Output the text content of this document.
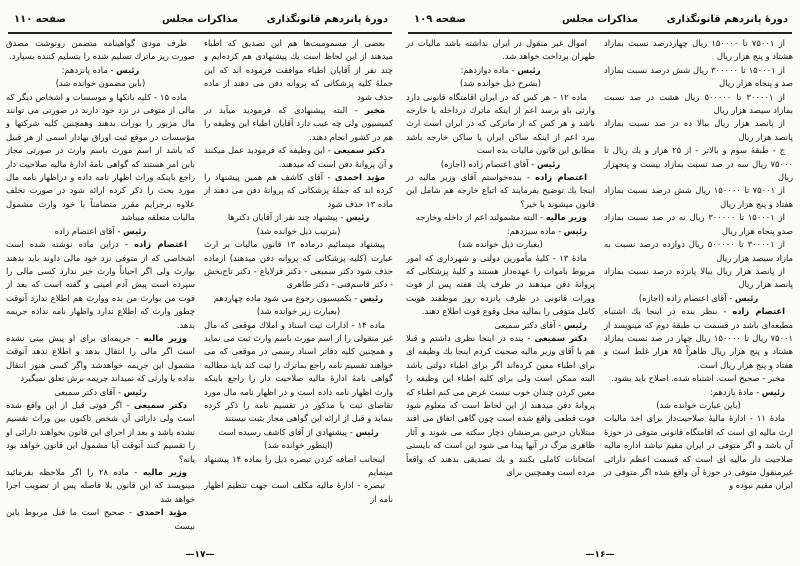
دورهٔ پانزدهم قانونگذاری
مذاکرات مجلس
صفحه ۱۱۰

بعضی از مسمومیت‌ها هم این تصدیق که اطباء میدهند از این لحاظ است یك پیشنهادی هم کرده‌ایم و چند نفر از آقایان اطباء موافقت فرموده اند که این جملهٔ کلیه پزشکانی که پروانه دفن می دهند از ماده حذف شود

مخبر - البته پیشنهادی که فرمودید میآید در کمیسیون ولی چه عیب دارد آقایان اطباء این وظیفه را هم در کشور انجام دهند.

دکتر سمیعی - این وظیفه که فرمودید عمل میکنند و آن پروانهٔ دفن است که میدهند.

مؤید احمدی - آقای کاشف هم همین پیشنهاد را کرده اند که جملهٔ پزشکانی که پروانهٔ دفن می دهند از ماده ۱۳ حذف شود

رئیس - پیشنهاد چند نفر از آقایان دکترها

(بترتیب ذیل خوانده شد)

پیشنهاد مینمائیم درماده ۱۳ قانون مالیات بر ارث عبارت (کلیه پزشکانی که پروانه دفن میدهند) ازماده حذف شود دکتر سمیعی - دکتر قزلایاغ - دکتر تاج‌بخش - دکتر قاسم‌فنی - دکتر طاهری

رئیس - بکمیسیون رجوع می شود ماده چهاردهم

(بعبارت زیر خوانده شد)

ماده ۱۴ - ادارات ثبت اسناد و املاك موقعی که مال غیر منقولی را از اسم مورث باسم وارث ثبت می نماید و همچنین کلیه دفاتر اسناد رسمی در موقعی که می خواهند تقسیم نامه راجع بماترك را ثبت کند باید مطالبه گواهی نامهٔ ادارهٔ مالیه صلاحیت دار را راجع باینکه وارث اظهار نامه داده است و در اظهار نامه مال مورد تقاضای ثبت یا مذکور در تقسیم نامه را ذکر کرده بنماید و قبل از ارائه این گواهی مجاز بثبت نیستند

رئیس - پیشنهادی از آقای کاشف رسیده است

(اینطور خوانده شد)

اینجانب اضافه کردن تبصره ذیل را بماده ۱۴ پیشنهاد مینمایم

تبصره - ادارهٔ مالیه مکلف است جهت تنظیم اظهار نامه از

طرف مودی گواهینامه متضمن رونوشت مصدق صورت ریز ماترك تسلیم شده را بتسلیم کننده بسپارد.

رئیس - ماده پانزدهم:

(باین مضمون خوانده شد)

ماده ۱۵ - کلیه بانکها و موسسات و اشخاص دیگر که مالی از متوفی در نزد خود دارند در صورتی می توانند مال مزبور را بوراث بدهند وهمچنین کلیه شرکتها و مؤسسات در موقع ثبت اوراق بهادار اسمی از هر قبیل که باشد از اسم مورث باسم وارث در صورتی مجاز باین امر هستند که گواهی نامهٔ ادارهٔ مالیه صلاحیت دار راجع باینکه وراث اظهار نامه داده و دراظهار نامه مال مورد بحث را ذکر کرده ارائه شود در صورت تخلف علاوه برجرایم مقرر متضامناً با خود وارث مشمول مالیات متعلقه میباشد

رئیس - آقای اعتصام زاده

اعتصام زاده - دراین ماده نوشته شده است اشخاصی که از متوفی نزد خود مالی داوند باید بدهند بوارث ولی اگر احیاناً وارث خبر ندارد کسی مالی را سپرده است پیش آدم امینی و گفته است که بعد از فوت من بوارث من بده ووارث هم اطلاع ندارد آنوقت چطور وارث که اطلاع ندارد واظهار نامه نداده جریمه بدهد.

وزیر مالیه - جریمه‌ای برای او پیش بینی نشده است اگر مالی را انتقال بدهد و اطلاع ندهد آنوقت مشمول این جریمه خواهدشد واگر کسی هنوز انتقال نداده یا وارثی که نمیداند جریمه برش تعلق نمیگیرد

رئیس - آقای دکتر سمیعی

دکتر سمیعی - اگر فوتی قبل از این واقع شده است ولی دارائی آن شخص تاکنون بین وراث تقسیم نشده باشد و بعد از اجرای این قانون بخواهند دارائی او را تقسیم کنند آنوقت آیا مشمول این قانون خواهد بود یانه؟

وزیر مالیه - ماده ۲۸ را اگر ملاحظه بفرمائید مینویسد که این قانون بلا فاصله پس از تصویب اجرا خواهد شد

مؤید احمدی - صحیح است ما قبل مربوط باین نیست

—۱۷—
دورهٔ پانزدهم قانونگذاری
مذاکرات مجلس
صفحه ۱۰۹

از ۷۵۰۰۱ تا ۱۵۰۰۰۰ ریال چهاردرصد نسبت بمازاد هشتاد و پنج هزار ریال

از ۱۵۰۰۰۱ تا ۳۰۰۰۰۰ ریال شش درصد نسبت بمازاد صد و پنجاه هزار ریال

از ۳۰۰۰۰۱ تا ۵۰۰۰۰۰ ریال هشت در صد نسبت بمازاد سیصد هزار ریال

از پانصد هزار ریال ببالا ده در صد نسبت بمازاد پانصد هزار ریال

ج - طبقهٔ سوم و بالاتر - از ۲۵ هزار و یك ریال تا ۷۵۰۰۰ ریال سه در صد نسبت بمازاد بیست و پنجهزار ریال

از ۷۵۰۰۱ تا ۱۵۰۰۰۰ ریال شش درصد نسبت بمازاد هفتاد و پنج هزار ریال

از ۱۵۰۰۰۱ تا ۳۰۰۰۰۰ ریال نه در صد نسبت بمازاد صدو پنجاه هزار ریال

از ۳۰۰۰۰۱ تا ۵۰۰۰۰۰ ریال دوازده درصد نسبت به مازاد سیصد هزار ریال

از پانصد هزار ریال ببالا پانزده درصد نسبت بمازاد پانصد هزار ریال

رئیس - آقای اعتصام زاده (اجازه)

اعتصام زاده - بنظر بنده در اینجا یك اشتباه مطبعه‌ای باشد در قسمت ب طبقهٔ دوم که مینویسد از ۷۵۰۰۱ ریال تا ۱۵۰۰۰۰ ریال چهار در صد نسبت بمازاد هشتاد و پنج هزار ریال ظاهراً ۸۵ هزار غلط است و هفتاد و پنج هزار ریال است.

مخبر - صحیح است. اشتباه شده. اصلاح باید بشود.

رئیس - مادهٔ یازدهم:

(باین عبارت خوانده شد)

مادهٔ ۱۱ - ادارهٔ مالیهٔ صلاحیت‌دار برای اخذ مالیات ارث مالیه ای است که اقامتگاه قانونی متوفی در حوزهٔ آن باشد و اگر متوفی در ایران مقیم نباشد اداره مالیه صلاحیت دار مالیه ای است که قسمت اعظم دارائی غیرمنقول متوفی در حوزهٔ آن واقع شده اگر متوفی در ایران مقیم نبوده و

اموال غیر منقول در ایران نداشته باشد مالیات در طهران پرداخت خواهد شد.

رئیس - ماده دوازدهم:

(بشرح ذیل خوانده شد)

ماده ۱۲ - هر کس که در ایران اقامتگاه قانونی دارد وارثی باو برسد اعم از اینکه ماترك درداخله یا خارجه باشد و هر کس که از ماترکی که در ایران است ارث ببرد اعم از اینکه ساکن ایران یا ساکن خارجه باشد مطابق این قانون مالیات بده است

رئیس - آقای اعتصام زاده (اجازه)

اعتصام زاده - بنده‌خواستم آقای وزیر مالیه در اینجا یك توضیح بفرمایند که اتباع خارجه هم شامل این قانون میشوند یا خیر؟

وزیر مالیه - البته مشمولند اعم از داخله وخارجه

رئیس - ماده سیزدهم:

(بعبارت ذیل خوانده شد)

مادهٔ ۱۳ - کلیهٔ مأمورین دولتی و شهرداری که امور مربوط باموات را عهده‌دار هستند و کلیهٔ پزشکانی که پروانهٔ دفن میدهند در ظرف یك هفته پس از فوت وورات قانونی در ظرف پانزده روز موظفند هویت کامل متوفی را بمالیه محل وقوع فوت اطلاع دهند.

رئیس - آقای دکتر سمیعی

دکتر سمیعی - بنده در اینجا نظری داشتم و قبلا هم با آقای وزیر مالیه صحبت کردم اینجا یك وظیفه ای برای اطباء معین کرده‌اند اگر برای اطباء دولتی باشد البته ممکن است ولی برای کلیه اطباء این وظیفه را معین کردن چندان خوب نیست عرض می کنم اطباء که پروانهٔ دفن میدهند از این لحاظ است که معلوم شود فوت قطعی واقع شده است چون گاهی اتفاق می افتد مبتلایان درحین مرضشان دچار سکته می شوند و آثار ظاهری مرگ در آنها پیدا می شود این است که بایستی امتحانات کاملی بکنند و یك تصدیقی بدهند که واقعاً مرده است وهمچنین برای

—۱۶—
